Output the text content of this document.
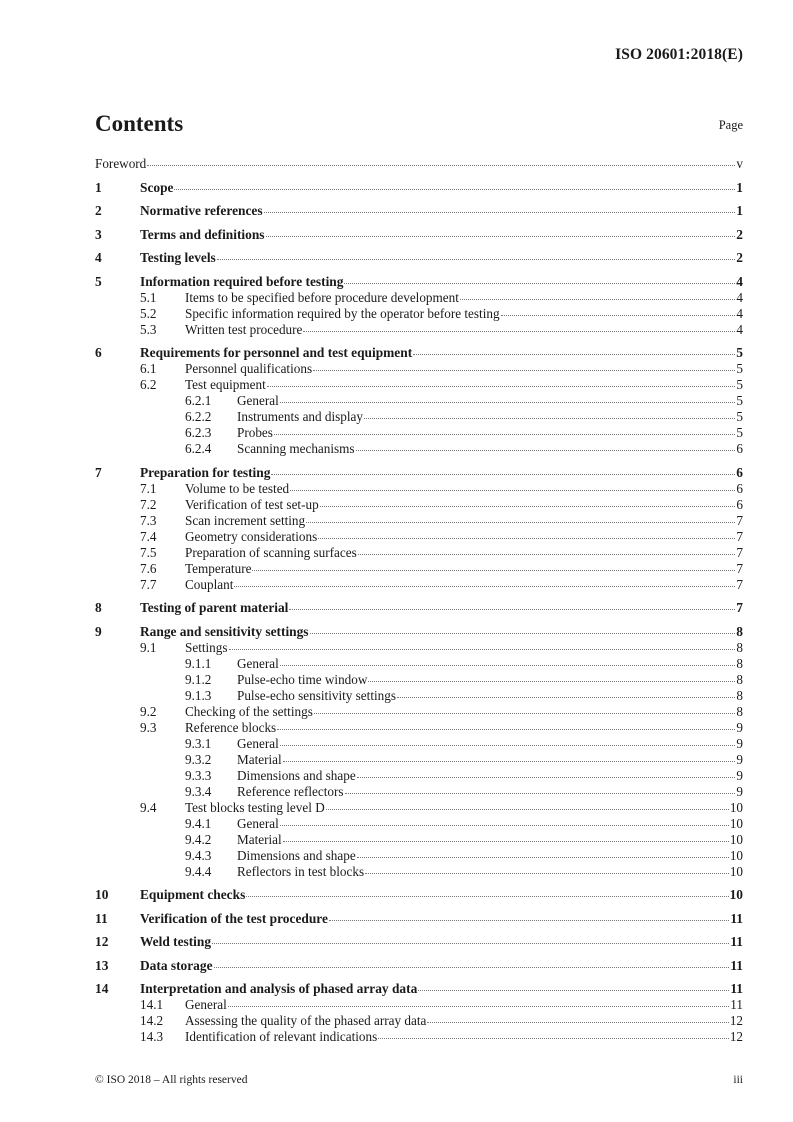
ISO 20601:2018(E)
Contents	Page
Foreword	v
1	Scope	1
2	Normative references	1
3	Terms and definitions	2
4	Testing levels	2
5	Information required before testing	4
5.1	Items to be specified before procedure development	4
5.2	Specific information required by the operator before testing	4
5.3	Written test procedure	4
6	Requirements for personnel and test equipment	5
6.1	Personnel qualifications	5
6.2	Test equipment	5
6.2.1	General	5
6.2.2	Instruments and display	5
6.2.3	Probes	5
6.2.4	Scanning mechanisms	6
7	Preparation for testing	6
7.1	Volume to be tested	6
7.2	Verification of test set-up	6
7.3	Scan increment setting	7
7.4	Geometry considerations	7
7.5	Preparation of scanning surfaces	7
7.6	Temperature	7
7.7	Couplant	7
8	Testing of parent material	7
9	Range and sensitivity settings	8
9.1	Settings	8
9.1.1	General	8
9.1.2	Pulse-echo time window	8
9.1.3	Pulse-echo sensitivity settings	8
9.2	Checking of the settings	8
9.3	Reference blocks	9
9.3.1	General	9
9.3.2	Material	9
9.3.3	Dimensions and shape	9
9.3.4	Reference reflectors	9
9.4	Test blocks testing level D	10
9.4.1	General	10
9.4.2	Material	10
9.4.3	Dimensions and shape	10
9.4.4	Reflectors in test blocks	10
10	Equipment checks	10
11	Verification of the test procedure	11
12	Weld testing	11
13	Data storage	11
14	Interpretation and analysis of phased array data	11
14.1	General	11
14.2	Assessing the quality of the phased array data	12
14.3	Identification of relevant indications	12
© ISO 2018 – All rights reserved	iii
